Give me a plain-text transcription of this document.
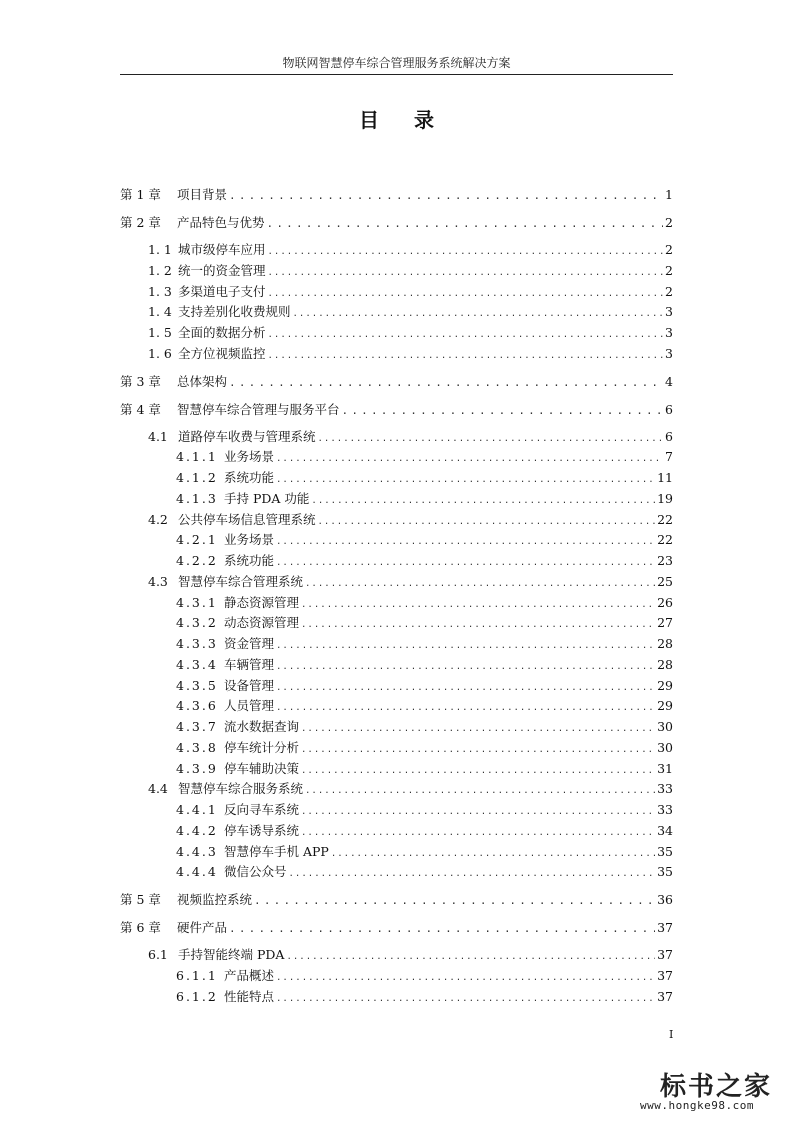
物联网智慧停车综合管理服务系统解决方案
目 录
第 1 章	项目背景 .....	1
第 2 章	产品特色与优势 .....	2
1. 1 城市级停车应用 .....	2
1. 2 统一的资金管理 .....	2
1. 3 多渠道电子支付 .....	2
1. 4 支持差别化收费规则 .....	3
1. 5 全面的数据分析 .....	3
1. 6 全方位视频监控 .....	3
第 3 章	总体架构 .....	4
第 4 章	智慧停车综合管理与服务平台 .....	6
4.1 道路停车收费与管理系统 .....	6
4.1.1 业务场景 .....	7
4.1.2 系统功能 .....	11
4.1.3 手持 PDA 功能 .....	19
4.2 公共停车场信息管理系统 .....	22
4.2.1 业务场景 .....	22
4.2.2 系统功能 .....	23
4.3 智慧停车综合管理系统 .....	25
4.3.1 静态资源管理 .....	26
4.3.2 动态资源管理 .....	27
4.3.3 资金管理 .....	28
4.3.4 车辆管理 .....	28
4.3.5 设备管理 .....	29
4.3.6 人员管理 .....	29
4.3.7 流水数据查询 .....	30
4.3.8 停车统计分析 .....	30
4.3.9 停车辅助决策 .....	31
4.4 智慧停车综合服务系统 .....	33
4.4.1 反向寻车系统 .....	33
4.4.2 停车诱导系统 .....	34
4.4.3 智慧停车手机 APP .....	35
4.4.4 微信公众号 .....	35
第 5 章	视频监控系统 .....	36
第 6 章	硬件产品 .....	37
6.1 手持智能终端 PDA .....	37
6.1.1 产品概述 .....	37
6.1.2 性能特点 .....	37
I
标书之家
www.hongke98.com
